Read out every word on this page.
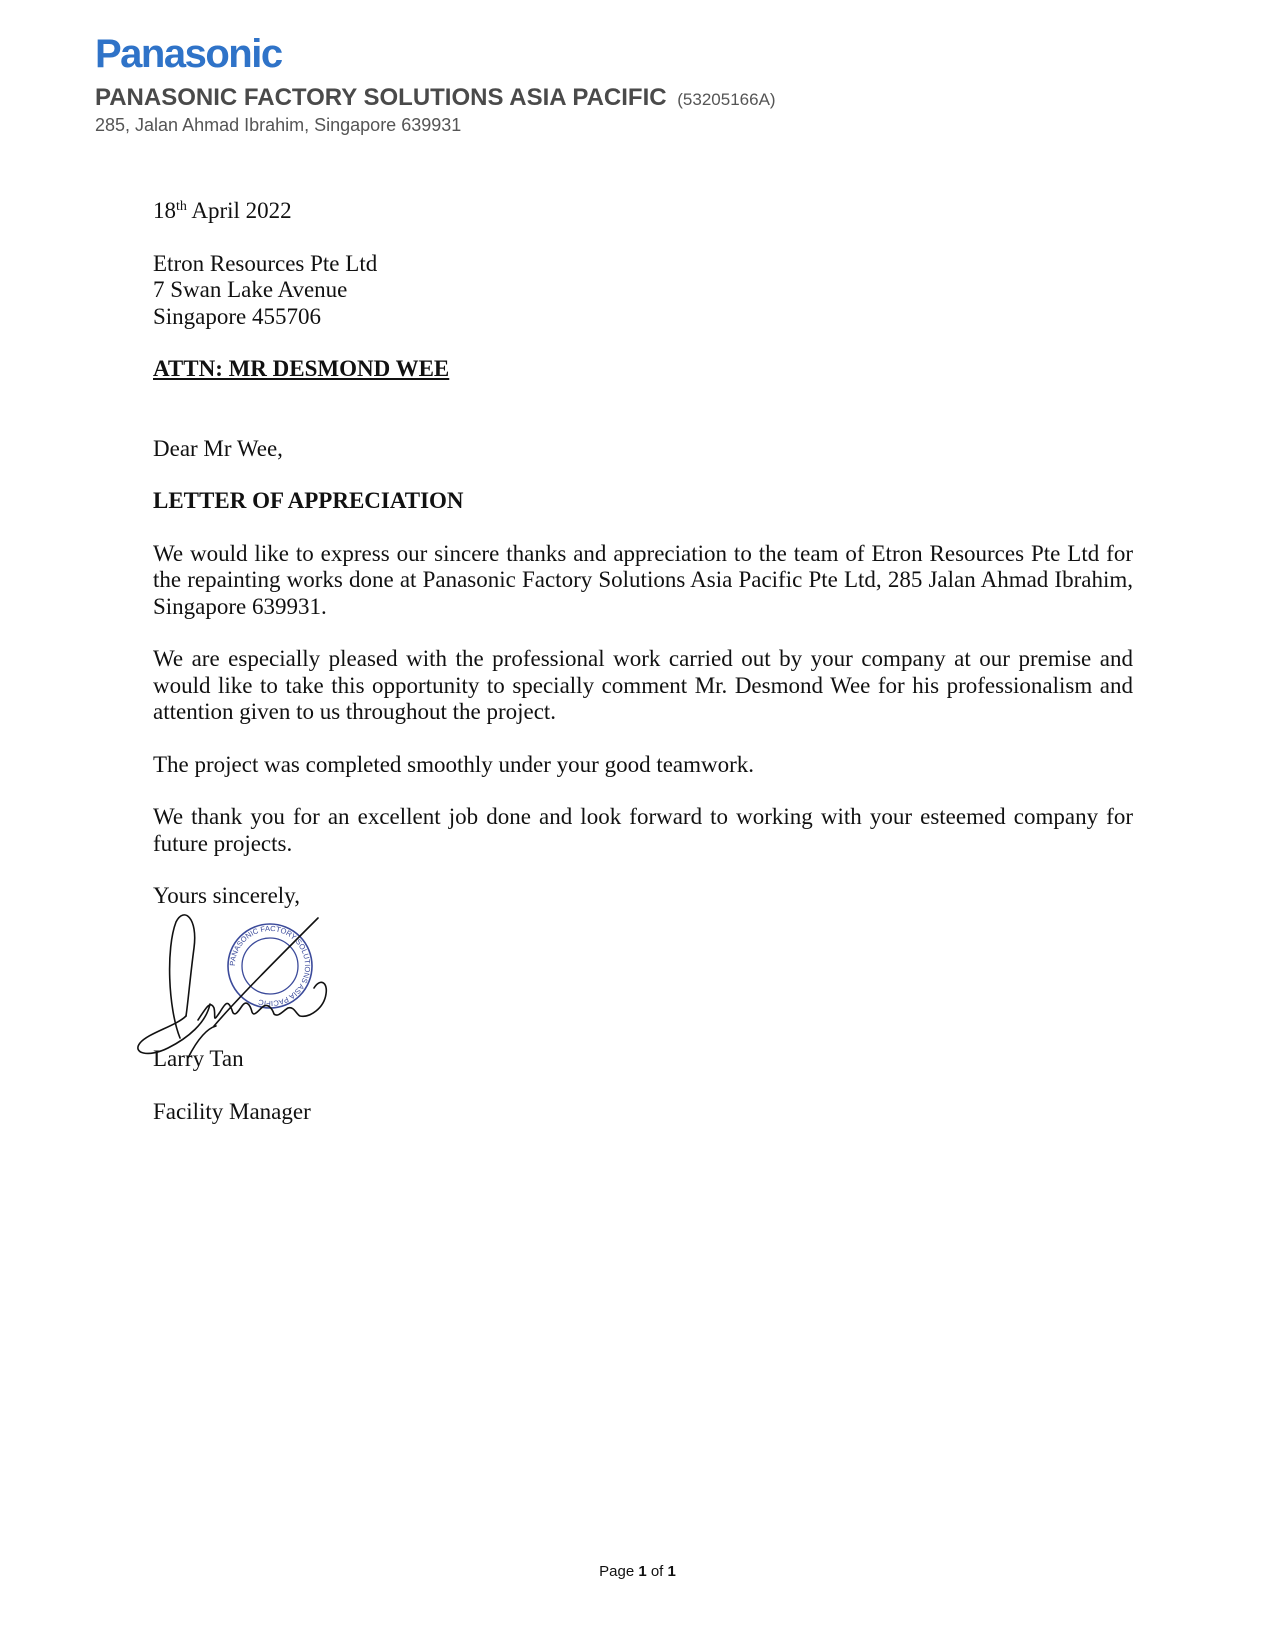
Panasonic
PANASONIC FACTORY SOLUTIONS ASIA PACIFIC (53205166A)
285, Jalan Ahmad Ibrahim, Singapore 639931
18th April 2022
Etron Resources Pte Ltd
7 Swan Lake Avenue
Singapore 455706
ATTN: MR DESMOND WEE
Dear Mr Wee,
LETTER OF APPRECIATION
We would like to express our sincere thanks and appreciation to the team of Etron Resources Pte Ltd for the repainting works done at Panasonic Factory Solutions Asia Pacific Pte Ltd, 285 Jalan Ahmad Ibrahim, Singapore 639931.
We are especially pleased with the professional work carried out by your company at our premise and would like to take this opportunity to specially comment Mr. Desmond Wee for his professionalism and attention given to us throughout the project.
The project was completed smoothly under your good teamwork.
We thank you for an excellent job done and look forward to working with your esteemed company for future projects.
Yours sincerely,
PANASONIC FACTORY SOLUTIONS ASIA PACIFIC
Larry Tan
Facility Manager
Page 1 of 1
